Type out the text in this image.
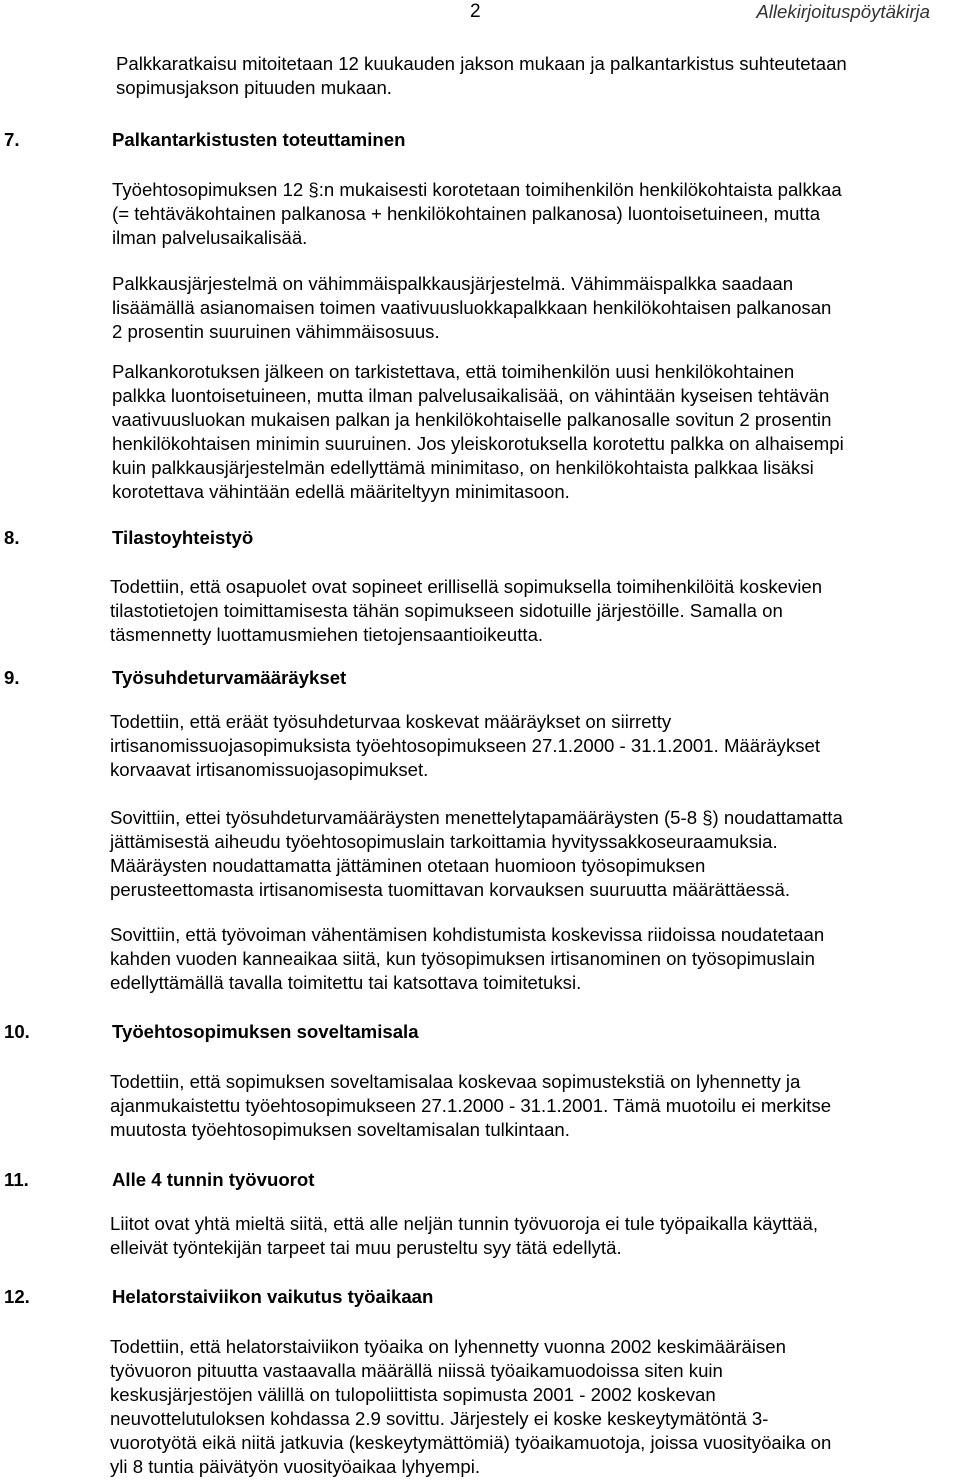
2	Allekirjoituspöytäkirja
Palkkaratkaisu mitoitetaan 12 kuukauden jakson mukaan ja palkantarkistus suhteutetaan
sopimusjakson pituuden mukaan.
7.	Palkantarkistusten toteuttaminen
Työehtosopimuksen 12 §:n mukaisesti korotetaan toimihenkilön henkilökohtaista palkkaa
(= tehtäväkohtainen palkanosa + henkilökohtainen palkanosa) luontoisetuineen, mutta
ilman palvelusaikalisää.
Palkkausjärjestelmä on vähimmäispalkkausjärjestelmä. Vähimmäispalkka saadaan
lisäämällä asianomaisen toimen vaativuusluokkapalkkaan henkilökohtaisen palkanosan
2 prosentin suuruinen vähimmäisosuus.
Palkankorotuksen jälkeen on tarkistettava, että toimihenkilön uusi henkilökohtainen
palkka luontoisetuineen, mutta ilman palvelusaikalisää, on vähintään kyseisen tehtävän
vaativuusluokan mukaisen palkan ja henkilökohtaiselle palkanosalle sovitun 2 prosentin
henkilökohtaisen minimin suuruinen. Jos yleiskorotuksella korotettu palkka on alhaisempi
kuin palkkausjärjestelmän edellyttämä minimitaso, on henkilökohtaista palkkaa lisäksi
korotettava vähintään edellä määriteltyyn minimitasoon.
8.	Tilastoyhteistyö
Todettiin, että osapuolet ovat sopineet erillisellä sopimuksella toimihenkilöitä koskevien
tilastotietojen toimittamisesta tähän sopimukseen sidotuille järjestöille. Samalla on
täsmennetty luottamusmiehen tietojensaantioikeutta.
9.	Työsuhdeturvamääräykset
Todettiin, että eräät työsuhdeturvaa koskevat määräykset on siirretty
irtisanomissuojasopimuksista työehtosopimukseen 27.1.2000 - 31.1.2001. Määräykset
korvaavat irtisanomissuojasopimukset.
Sovittiin, ettei työsuhdeturvamääräysten menettelytapamääräysten (5-8 §) noudattamatta
jättämisestä aiheudu työehtosopimuslain tarkoittamia hyvityssakkoseuraamuksia.
Määräysten noudattamatta jättäminen otetaan huomioon työsopimuksen
perusteettomasta irtisanomisesta tuomittavan korvauksen suuruutta määrättäessä.
Sovittiin, että työvoiman vähentämisen kohdistumista koskevissa riidoissa noudatetaan
kahden vuoden kanneaikaa siitä, kun työsopimuksen irtisanominen on työsopimuslain
edellyttämällä tavalla toimitettu tai katsottava toimitetuksi.
10.	Työehtosopimuksen soveltamisala
Todettiin, että sopimuksen soveltamisalaa koskevaa sopimustekstiä on lyhennetty ja
ajanmukaistettu työehtosopimukseen 27.1.2000 - 31.1.2001. Tämä muotoilu ei merkitse
muutosta työehtosopimuksen soveltamisalan tulkintaan.
11.	Alle 4 tunnin työvuorot
Liitot ovat yhtä mieltä siitä, että alle neljän tunnin työvuoroja ei tule työpaikalla käyttää,
elleivät työntekijän tarpeet tai muu perusteltu syy tätä edellytä.
12.	Helatorstaiviikon vaikutus työaikaan
Todettiin, että helatorstaiviikon työaika on lyhennetty vuonna 2002 keskimääräisen
työvuoron pituutta vastaavalla määrällä niissä työaikamuodoissa siten kuin
keskusjärjestöjen välillä on tulopoliittista sopimusta 2001 - 2002 koskevan
neuvottelutuloksen kohdassa 2.9 sovittu. Järjestely ei koske keskeytymätöntä 3-
vuorotyötä eikä niitä jatkuvia (keskeytymättömiä) työaikamuotoja, joissa vuosityöaika on
yli 8 tuntia päivätyön vuosityöaikaa lyhyempi.
